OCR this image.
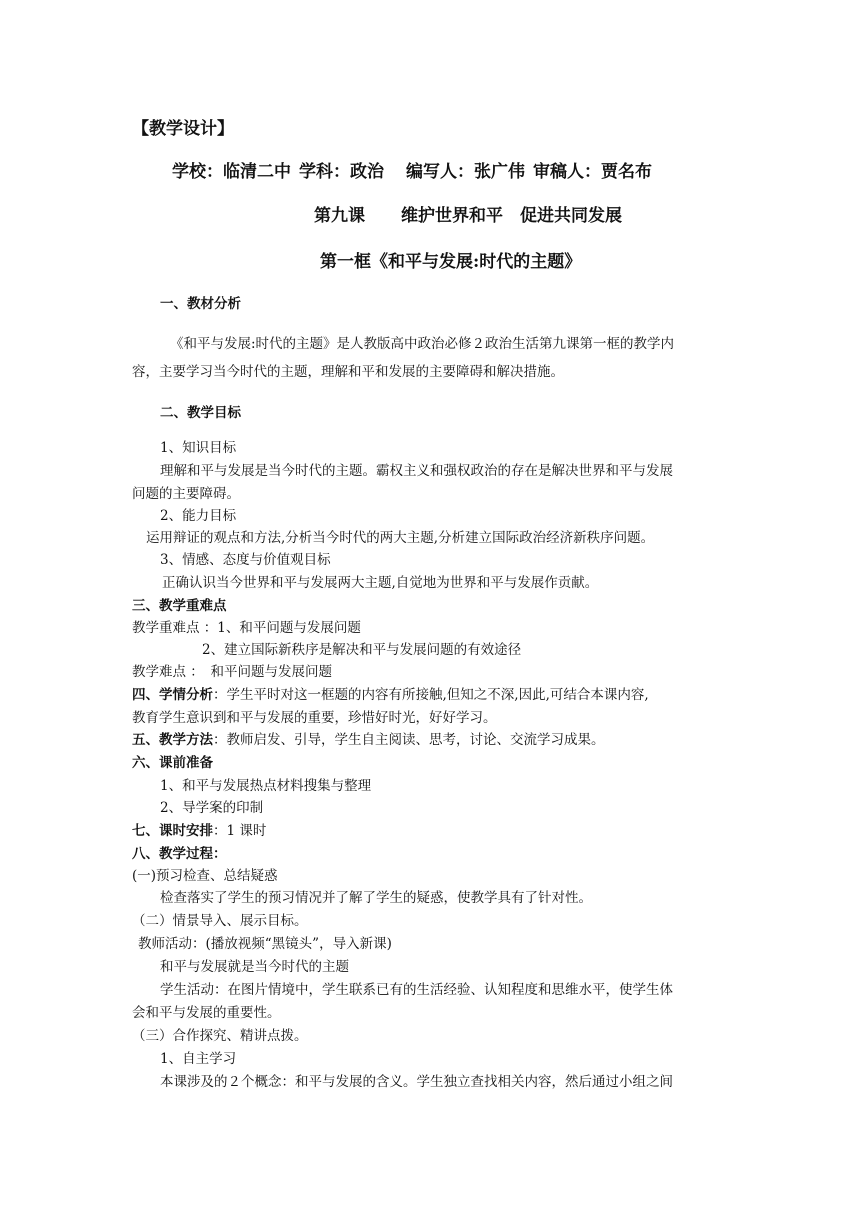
【教学设计】
学校：临清二中 学科：政治 编写人：张广伟 审稿人：贾名布
第九课 维护世界和平　促进共同发展
第一框《和平与发展:时代的主题》
一、教材分析
《和平与发展:时代的主题》是人教版高中政治必修２政治生活第九课第一框的教学内
容，主要学习当今时代的主题，理解和平和发展的主要障碍和解决措施。
二、教学目标
1、知识目标
理解和平与发展是当今时代的主题。霸权主义和强权政治的存在是解决世界和平与发展
问题的主要障碍。
2、能力目标
运用辩证的观点和方法,分析当今时代的两大主题,分析建立国际政治经济新秩序问题。
3、情感、态度与价值观目标
正确认识当今世界和平与发展两大主题,自觉地为世界和平与发展作贡献。
三、教学重难点
教学重难点 ：1、和平问题与发展问题
2、建立国际新秩序是解决和平与发展问题的有效途径
教学难点 ：　和平问题与发展问题
四、学情分析：学生平时对这一框题的内容有所接触,但知之不深,因此,可结合本课内容,
教育学生意识到和平与发展的重要，珍惜好时光，好好学习。
五、教学方法：教师启发、引导，学生自主阅读、思考，讨论、交流学习成果。
六、课前准备
1、和平与发展热点材料搜集与整理
2、导学案的印制
七、课时安排：1 课时
八、教学过程：
(一)预习检查、总结疑惑
检查落实了学生的预习情况并了解了学生的疑惑，使教学具有了针对性。
（二）情景导入、展示目标。
教师活动：(播放视频“黑镜头”，导入新课)
和平与发展就是当今时代的主题
学生活动：在图片情境中，学生联系已有的生活经验、认知程度和思维水平，使学生体
会和平与发展的重要性。
（三）合作探究、精讲点拨。
1、自主学习
本课涉及的２个概念：和平与发展的含义。学生独立查找相关内容，然后通过小组之间
